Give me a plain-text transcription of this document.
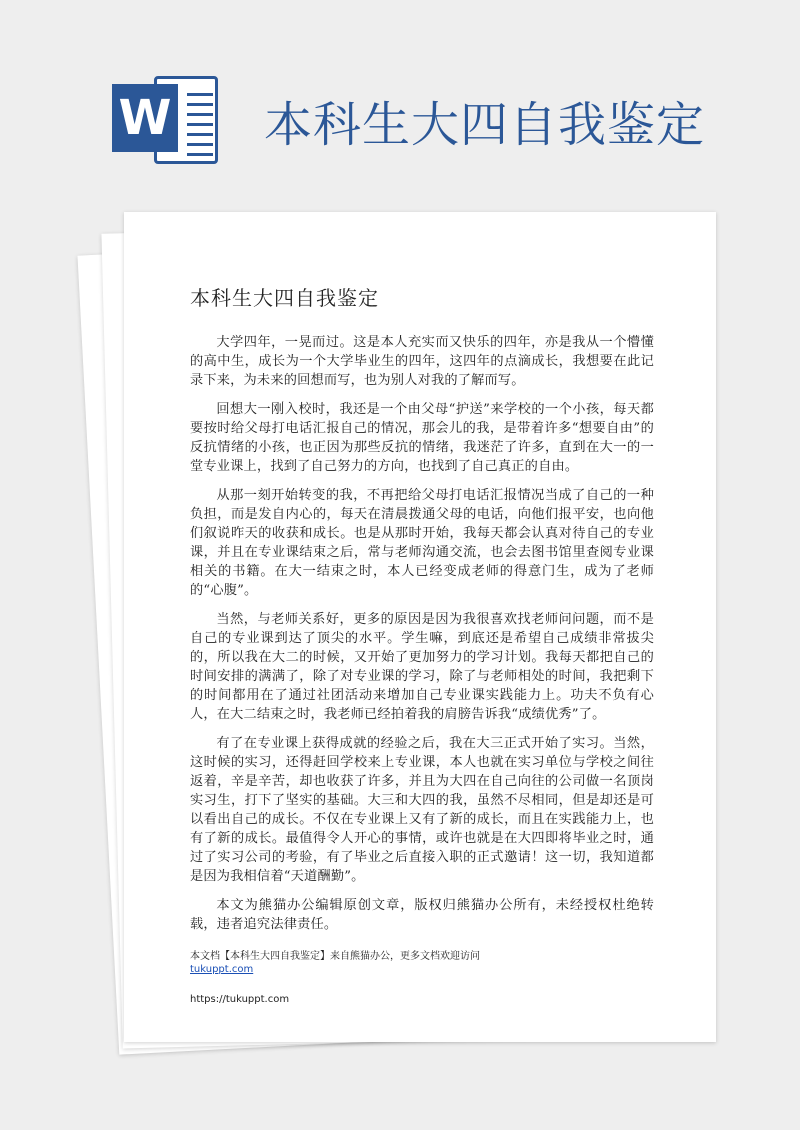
W 本科生大四自我鉴定
本科生大四自我鉴定

大学四年，一晃而过。这是本人充实而又快乐的四年，亦是我从一个懵懂的高中生，成长为一个大学毕业生的四年，这四年的点滴成长，我想要在此记录下来，为未来的回想而写，也为别人对我的了解而写。

回想大一刚入校时，我还是一个由父母“护送”来学校的一个小孩，每天都要按时给父母打电话汇报自己的情况，那会儿的我，是带着许多“想要自由”的反抗情绪的小孩，也正因为那些反抗的情绪，我迷茫了许多，直到在大一的一堂专业课上，找到了自己努力的方向，也找到了自己真正的自由。

从那一刻开始转变的我，不再把给父母打电话汇报情况当成了自己的一种负担，而是发自内心的，每天在清晨拨通父母的电话，向他们报平安，也向他们叙说昨天的收获和成长。也是从那时开始，我每天都会认真对待自己的专业课，并且在专业课结束之后，常与老师沟通交流，也会去图书馆里查阅专业课相关的书籍。在大一结束之时，本人已经变成老师的得意门生，成为了老师的“心腹”。

当然，与老师关系好，更多的原因是因为我很喜欢找老师问问题，而不是自己的专业课到达了顶尖的水平。学生嘛，到底还是希望自己成绩非常拔尖的，所以我在大二的时候，又开始了更加努力的学习计划。我每天都把自己的时间安排的满满了，除了对专业课的学习，除了与老师相处的时间，我把剩下的时间都用在了通过社团活动来增加自己专业课实践能力上。功夫不负有心人，在大二结束之时，我老师已经拍着我的肩膀告诉我“成绩优秀”了。

有了在专业课上获得成就的经验之后，我在大三正式开始了实习。当然，这时候的实习，还得赶回学校来上专业课，本人也就在实习单位与学校之间往返着，辛是辛苦，却也收获了许多，并且为大四在自己向往的公司做一名顶岗实习生，打下了坚实的基础。大三和大四的我，虽然不尽相同，但是却还是可以看出自己的成长。不仅在专业课上又有了新的成长，而且在实践能力上，也有了新的成长。最值得令人开心的事情，或许也就是在大四即将毕业之时，通过了实习公司的考验，有了毕业之后直接入职的正式邀请！这一切，我知道都是因为我相信着“天道酬勤”。

本文为熊猫办公编辑原创文章，版权归熊猫办公所有，未经授权杜绝转载，违者追究法律责任。

本文档【本科生大四自我鉴定】来自熊猫办公，更多文档欢迎访问
tukuppt.com
https://tukuppt.com
